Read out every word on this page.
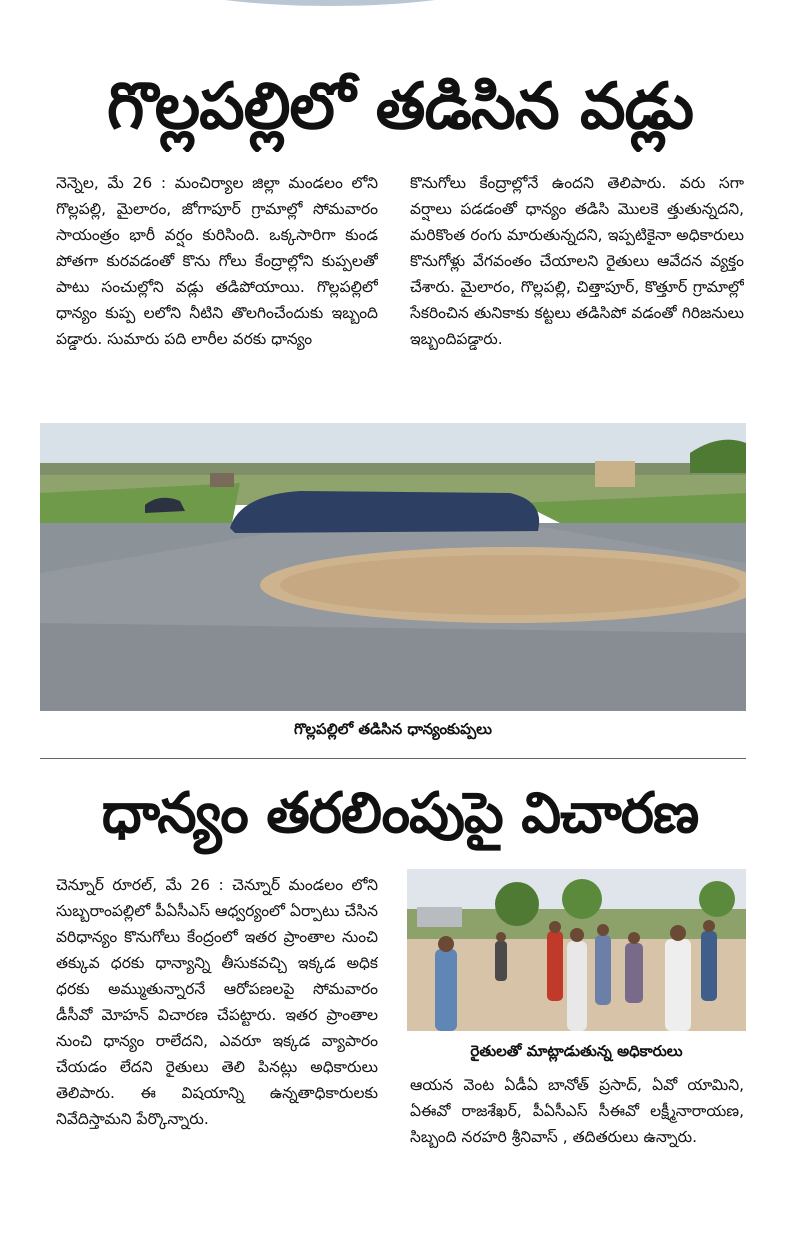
గొల్లపల్లిలో తడిసిన వడ్లు

నెన్నెల, మే 26 : మంచిర్యాల జిల్లా మండలం లోని గొల్లపల్లి, మైలారం, జోగాపూర్ గ్రామాల్లో సోమవారం సాయంత్రం భారీ వర్షం కురిసింది. ఒక్కసారిగా కుండ పోతగా కురవడంతో కొను గోలు కేంద్రాల్లోని కుప్పలతో పాటు సంచుల్లోని వడ్లు తడిపోయాయి. గొల్లపల్లిలో ధాన్యం కుప్ప లలోని నీటిని తొలగించేందుకు ఇబ్బంది పడ్డారు. సుమారు పది లారీల వరకు ధాన్యం

కొనుగోలు కేంద్రాల్లోనే ఉందని తెలిపారు. వరు సగా వర్షాలు పడడంతో ధాన్యం తడిసి మొలకె త్తుతున్నదని, మరికొంత రంగు మారుతున్నదని, ఇప్పటికైనా అధికారులు కొనుగోళ్లు వేగవంతం చేయాలని రైతులు ఆవేదన వ్యక్తం చేశారు. మైలారం, గొల్లపల్లి, చిత్తాపూర్, కొత్తూర్ గ్రామాల్లో సేకరించిన తునికాకు కట్టలు తడిసిపో వడంతో గిరిజనులు ఇబ్బందిపడ్డారు.

గొల్లపల్లిలో తడిసిన ధాన్యంకుప్పలు
ధాన్యం తరలింపుపై విచారణ

చెన్నూర్ రూరల్, మే 26 : చెన్నూర్ మండలం లోని సుబ్బరాంపల్లిలో పీఏసీఎస్ ఆధ్వర్యంలో ఏర్పాటు చేసిన వరిధాన్యం కొనుగోలు కేంద్రంలో ఇతర ప్రాంతాల నుంచి తక్కువ ధరకు ధాన్యాన్ని తీసుకవచ్చి ఇక్కడ అధిక ధరకు అమ్ముతున్నారనే ఆరోపణలపై సోమవారం డీసీవో మోహన్ విచారణ చేపట్టారు. ఇతర ప్రాంతాల నుంచి ధాన్యం రాలేదని, ఎవరూ ఇక్కడ వ్యాపారం చేయడం లేదని రైతులు తెలి పినట్లు అధికారులు తెలిపారు. ఈ విషయాన్ని ఉన్నతాధికారులకు నివేదిస్తామని పేర్కొన్నారు.

రైతులతో మాట్లాడుతున్న అధికారులు

ఆయన వెంట ఏడీఏ బానోత్ ప్రసాద్, ఏవో యామిని, ఏఈవో రాజశేఖర్, పీఏసీఎస్ సీఈవో లక్ష్మీనారాయణ, సిబ్బంది నరహరి శ్రీనివాస్ , తదితరులు ఉన్నారు.
